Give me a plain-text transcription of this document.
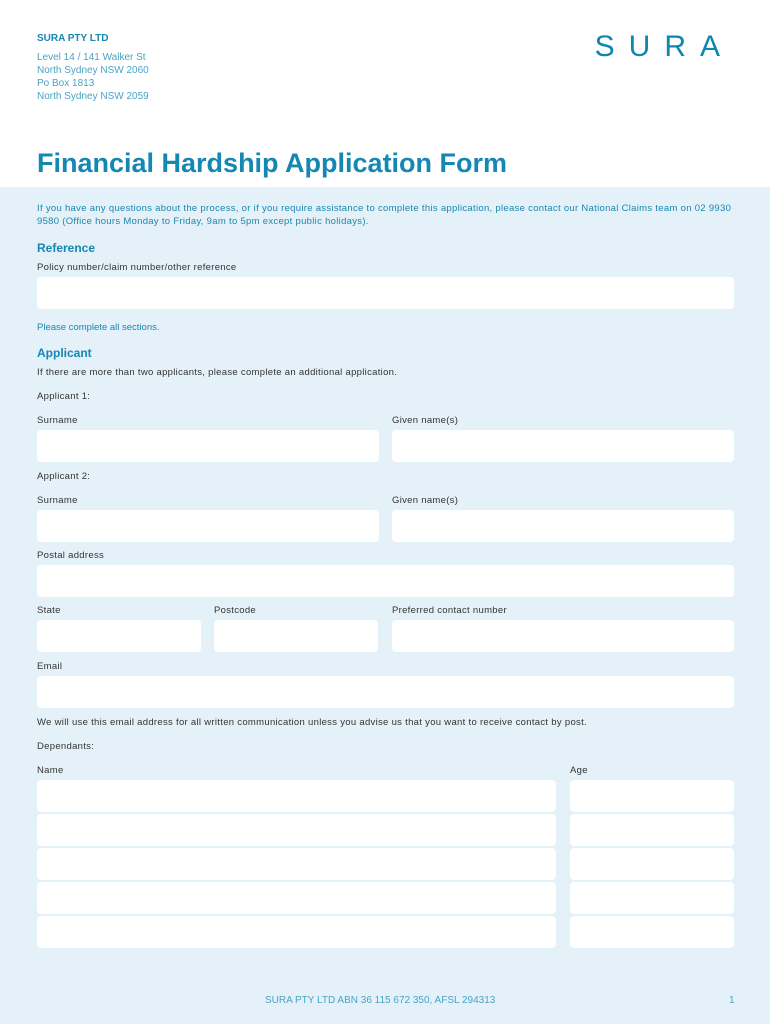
SURA PTY LTD
Level 14 / 141 Walker St
North Sydney NSW 2060
Po Box 1813
North Sydney NSW 2059
SURA
Financial Hardship Application Form
If you have any questions about the process, or if you require assistance to complete this application, please contact our National Claims team on 02 9930 9580 (Office hours Monday to Friday, 9am to 5pm except public holidays).
Reference
Policy number/claim number/other reference
Please complete all sections.
Applicant
If there are more than two applicants, please complete an additional application.
Applicant 1:
Surname	Given name(s)
Applicant 2:
Surname	Given name(s)
Postal address
State	Postcode	Preferred contact number
Email
We will use this email address for all written communication unless you advise us that you want to receive contact by post.
Dependants:
Name	Age
SURA PTY LTD ABN 36 115 672 350, AFSL 294313	1
